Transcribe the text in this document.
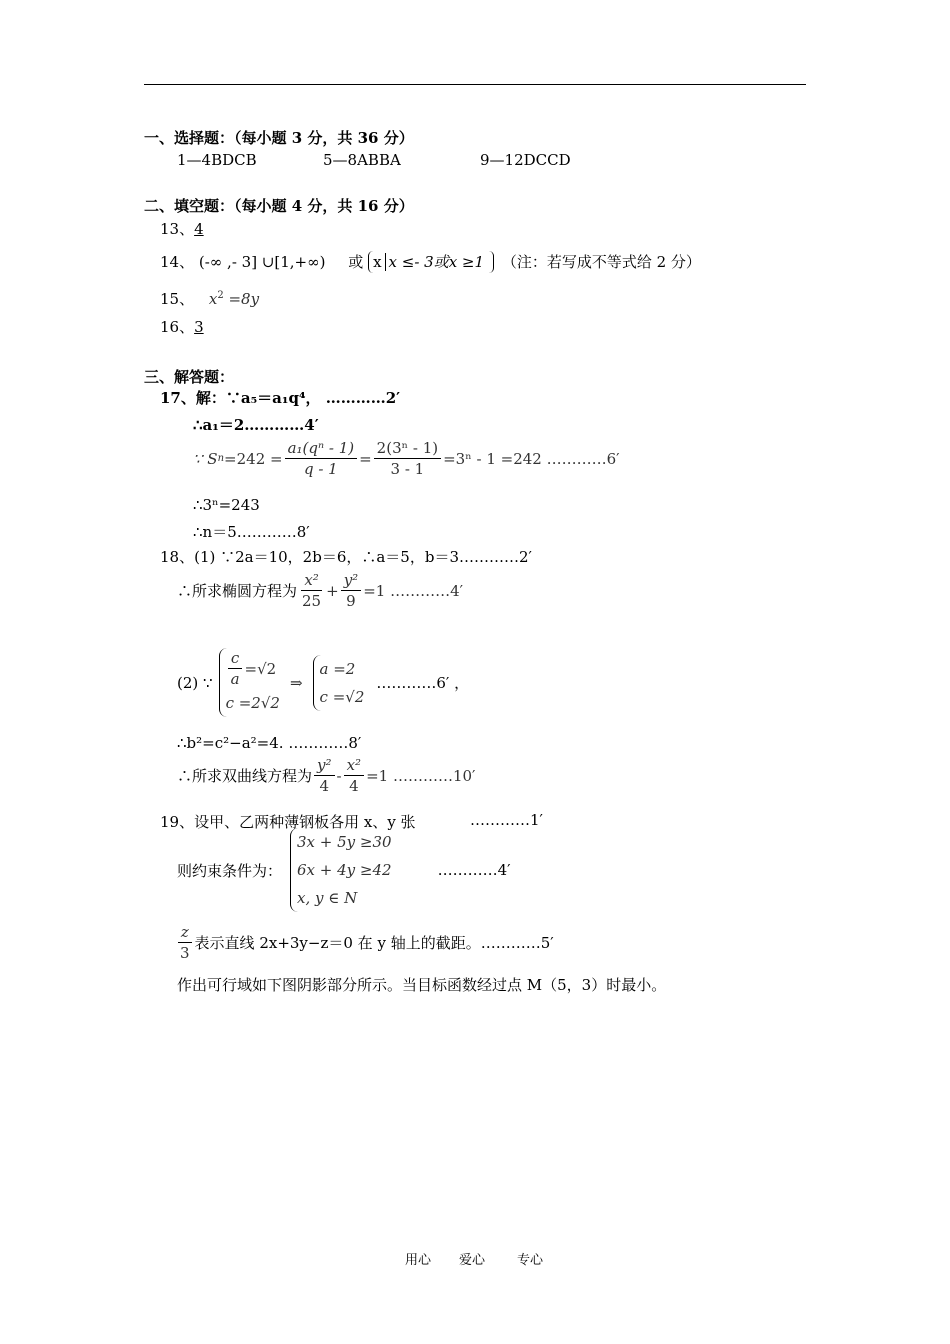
一、选择题：（每小题 3 分，共 36 分）
1—4BDCB	5—8ABBA	9—12DCCD
二、填空题：（每小题 4 分，共 16 分）
13、4
14、 (-∞ ,- 3] ∪[1,+∞) 或 x x ≤- 3或x ≥1 （注：若写成不等式给 2 分）
15、 $x^2 =8y$
16、3
三、解答题：
17、解：∵a₅＝a₁q⁴， …………2′
∴a₁＝2…………4′
∵ S $n =242 = \frac{\text{a₁(qⁿ - 1)}}{q - 1} = \frac{\text{2(3ⁿ - 1)}}{3 - 1} =3^n - 1 =242$ …………6′
∴3ⁿ=243
∴n＝5…………8′
18、(1) ∵2a＝10，2b＝6，∴a＝5，b＝3…………2′
∴所求椭圆方程为 $\frac{\text{x²}}{25} + \frac{\text{y²}}{9} =1$ …………4′
(2) ∵ $\frac{c}{a} =√2$
c =2√2
⇒
a =2
c =√2
…………6′ ，
∴b²=c²−a²=4. …………8′
∴所求双曲线方程为 $\frac{\text{y²}}{4} - \frac{\text{x²}}{4} =1$ …………10′
19、设甲、乙两种薄钢板各用 x、y 张	…………1′
则约束条件为：
3x + 5y ≥30
6x + 4y ≥42
x, y ∈ N
…………4′
$\frac{z}{3}$ 表示直线 2x+3y−z＝0 在 y 轴上的截距。…………5′
作出可行域如下图阴影部分所示。当目标函数经过点 M（5，3）时最小。
用心 爱心 专心
